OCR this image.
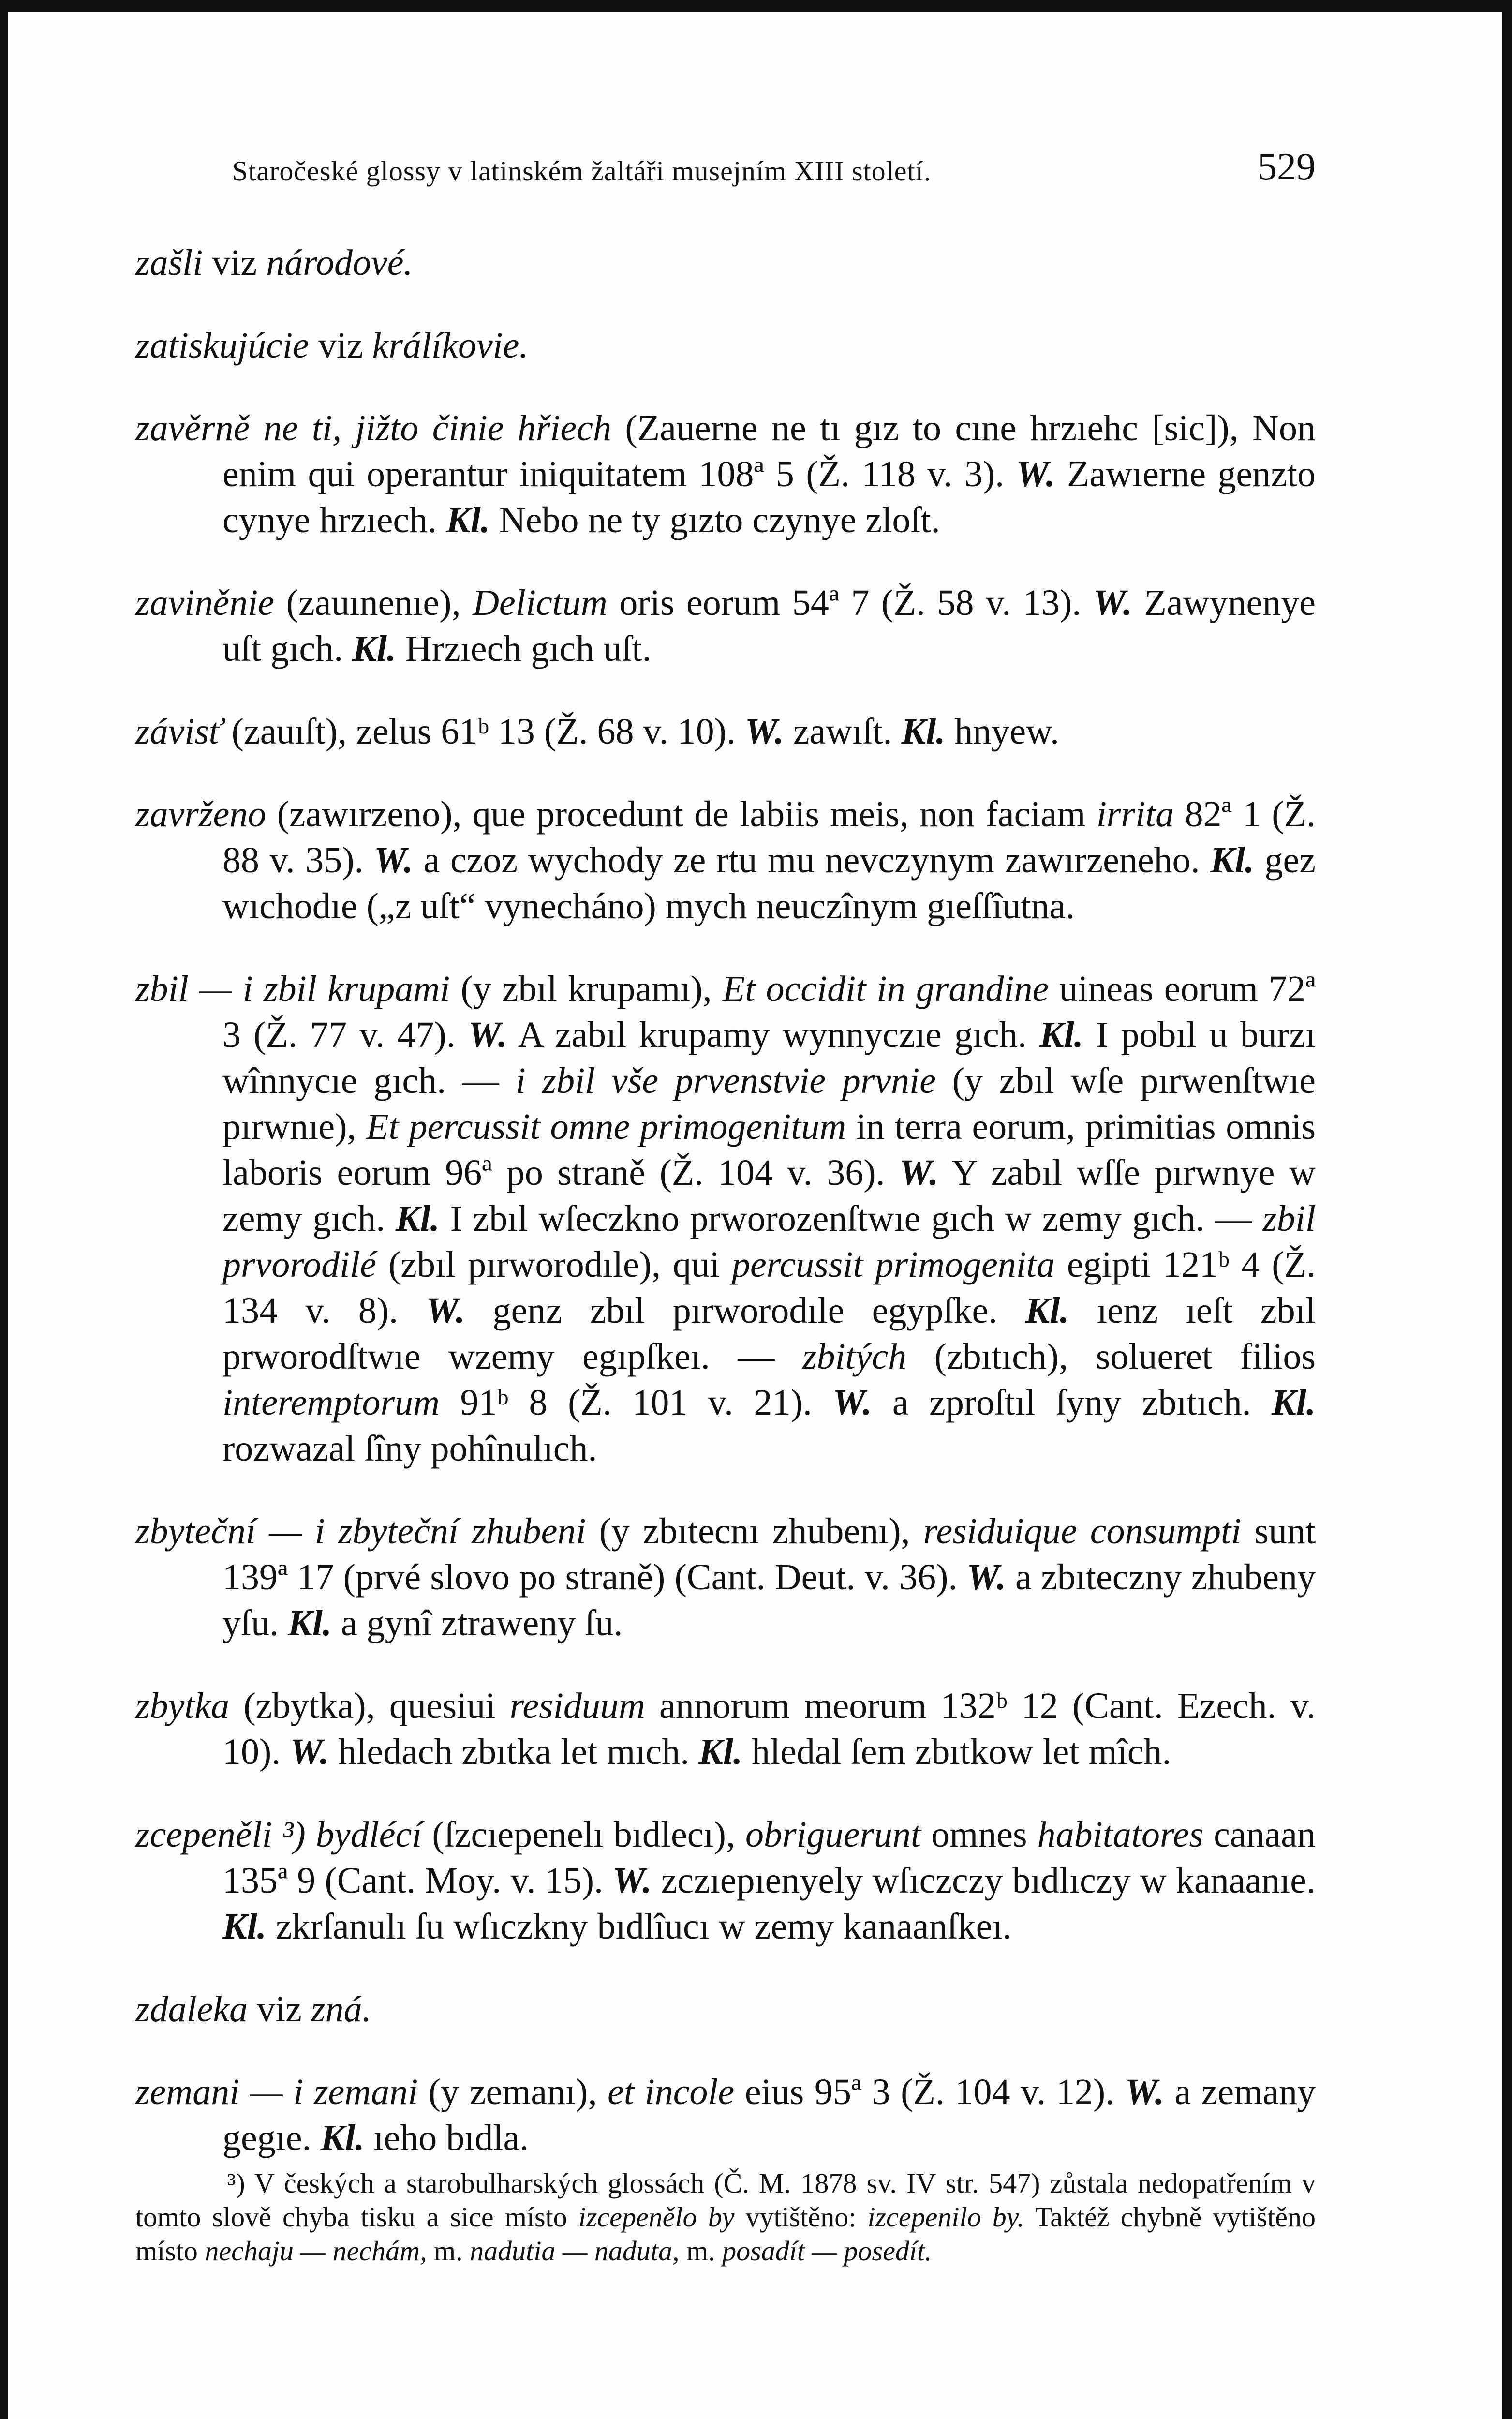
Staročeské glossy v latinském žaltáři musejním XIII století.	529

zašli viz národové.

zatiskujúcie viz králíkovie.

zavěrně ne ti, jižto činie hřiech (Zauerne ne tı gız to cıne hrzıehc [sic]), Non enim qui operantur iniquitatem 108ª 5 (Ž. 118 v. 3). W. Zawıerne genzto cynye hrzıech. Kl. Nebo ne ty gızto czynye zloſt.

zaviněnie (zauınenıe), Delictum oris eorum 54ª 7 (Ž. 58 v. 13). W. Zawynenye uſt gıch. Kl. Hrzıech gıch uſt.

závisť (zauıſt), zelus 61ᵇ 13 (Ž. 68 v. 10). W. zawıſt. Kl. hnyew.

zavrženo (zawırzeno), que procedunt de labiis meis, non faciam irrita 82ª 1 (Ž. 88 v. 35). W. a czoz wychody ze rtu mu nevczynym zawırzeneho. Kl. gez wıchodıe („z uſt“ vynecháno) mych neuczînym gıeſſîutna.

zbil — i zbil krupami (y zbıl krupamı), Et occidit in grandine uineas eorum 72ª 3 (Ž. 77 v. 47). W. A zabıl krupamy wynnyczıe gıch. Kl. I pobıl u burzı wînnycıe gıch. — i zbil vše prvenstvie prvnie (y zbıl wſe pırwenſtwıe pırwnıe), Et percussit omne primogenitum in terra eorum, primitias omnis laboris eorum 96ª po straně (Ž. 104 v. 36). W. Y zabıl wſſe pırwnye w zemy gıch. Kl. I zbıl wſeczkno prworozenſtwıe gıch w zemy gıch. — zbil prvorodilé (zbıl pırworodıle), qui percussit primogenita egipti 121ᵇ 4 (Ž. 134 v. 8). W. genz zbıl pırworodıle egypſke. Kl. ıenz ıeſt zbıl prworodſtwıe wzemy egıpſkeı. — zbitých (zbıtıch), solueret filios interemptorum 91ᵇ 8 (Ž. 101 v. 21). W. a zproſtıl ſyny zbıtıch. Kl. rozwazal ſîny pohînulıch.

zbyteční — i zbyteční zhubeni (y zbıtecnı zhubenı), residuique consumpti sunt 139ª 17 (prvé slovo po straně) (Cant. Deut. v. 36). W. a zbıteczny zhubeny yſu. Kl. a gynî ztraweny ſu.

zbytka (zbytka), quesiui residuum annorum meorum 132ᵇ 12 (Cant. Ezech. v. 10). W. hledach zbıtka let mıch. Kl. hledal ſem zbıtkow let mîch.

zcepeněli ³) bydlécí (ſzcıepenelı bıdlecı), obriguerunt omnes habitatores canaan 135ª 9 (Cant. Moy. v. 15). W. zczıepıenyely wſıczczy bıdlıczy w kanaanıe. Kl. zkrſanulı ſu wſıczkny bıdlîucı w zemy kanaanſkeı.

zdaleka viz zná.

zemani — i zemani (y zemanı), et incole eius 95ª 3 (Ž. 104 v. 12). W. a zemany gegıe. Kl. ıeho bıdla.

³) V českých a starobulharských glossách (Č. M. 1878 sv. IV str. 547) zůstala nedopatřením v tomto slově chyba tisku a sice místo izcepenělo by vytištěno: izcepenilo by. Taktéž chybně vytištěno místo nechaju — nechám, m. nadutia — naduta, m. posadít — posedít.
